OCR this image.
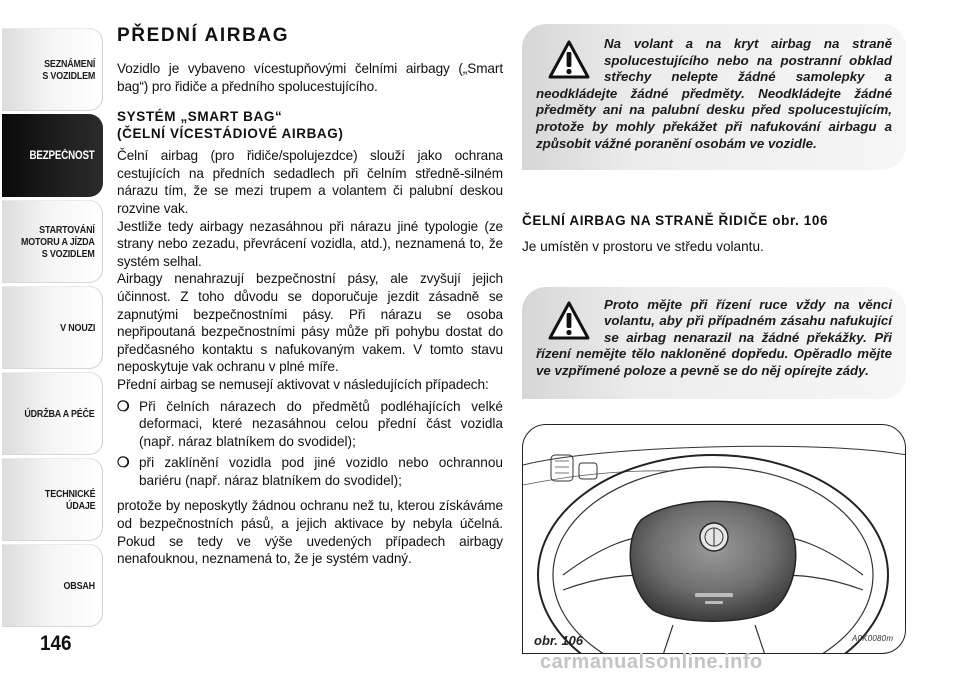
SEZNÁMENÍ
S VOZIDLEM
BEZPEČNOST
STARTOVÁNÍ
MOTORU A JÍZDA
S VOZIDLEM
V NOUZI
ÚDRŽBA A PÉČE
TECHNICKÉ
ÚDAJE
OBSAH
146
PŘEDNÍ AIRBAG
Vozidlo je vybaveno vícestupňovými čelními airbagy („Smart bag“) pro řidiče a předního spolucestujícího.
SYSTÉM „SMART BAG“
(ČELNÍ VÍCESTÁDIOVÉ AIRBAG)
Čelní airbag (pro řidiče/spolujezdce) slouží jako ochrana cestujících na předních sedadlech při čelním středně-silném nárazu tím, že se mezi trupem a volantem či palubní deskou rozvine vak.
Jestliže tedy airbagy nezasáhnou při nárazu jiné typologie (ze strany nebo zezadu, převrácení vozidla, atd.), neznamená to, že systém selhal.
Airbagy nenahrazují bezpečnostní pásy, ale zvyšují jejich účinnost. Z toho důvodu se doporučuje jezdit zásadně se zapnutými bezpečnostními pásy. Při nárazu se osoba nepřipoutaná bezpečnostními pásy může při pohybu dostat do předčasného kontaktu s nafukovaným vakem. V tomto stavu neposkytuje vak ochranu v plné míře.
Přední airbag se nemusejí aktivovat v následujících případech:
❍ Při čelních nárazech do předmětů podléhajících velké deformaci, které nezasáhnou celou přední část vozidla (např. náraz blatníkem do svodidel);
❍ při zaklínění vozidla pod jiné vozidlo nebo ochrannou bariéru (např. náraz blatníkem do svodidel);
protože by neposkytly žádnou ochranu než tu, kterou získáváme od bezpečnostních pásů, a jejich aktivace by nebyla účelná. Pokud se tedy ve výše uvedených případech airbagy nenafouknou, neznamená to, že je systém vadný.
Na volant a na kryt airbag na straně spolucestujícího nebo na postranní obklad střechy nelepte žádné samolepky a neodkládejte žádné předměty. Neodkládejte žádné předměty ani na palubní desku před spolucestujícím, protože by mohly překážet při nafukování airbagu a způsobit vážné poranění osobám ve vozidle.
ČELNÍ AIRBAG NA STRANĚ ŘIDIČE obr. 106
Je umístěn v prostoru ve středu volantu.
Proto mějte při řízení ruce vždy na věnci volantu, aby při případném zásahu nafukující se airbag nenarazil na žádné překážky. Při řízení nemějte tělo nakloněné dopředu. Opěradlo mějte ve vzpřímené poloze a pevně se do něj opírejte zády.
obr. 106	A0K0080m
carmanualsonline.info
